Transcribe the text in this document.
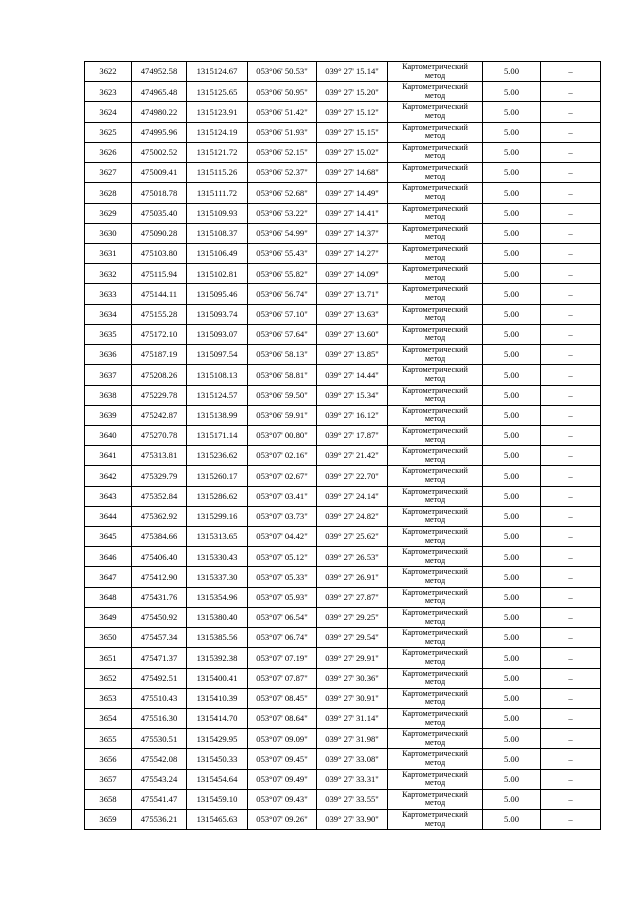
3622	474952.58	1315124.67	053°06' 50.53"	039° 27' 15.14"	Картометрический
метод	5.00	–
3623	474965.48	1315125.65	053°06' 50.95"	039° 27' 15.20"	Картометрический
метод	5.00	–
3624	474980.22	1315123.91	053°06' 51.42"	039° 27' 15.12"	Картометрический
метод	5.00	–
3625	474995.96	1315124.19	053°06' 51.93"	039° 27' 15.15"	Картометрический
метод	5.00	–
3626	475002.52	1315121.72	053°06' 52.15"	039° 27' 15.02"	Картометрический
метод	5.00	–
3627	475009.41	1315115.26	053°06' 52.37"	039° 27' 14.68"	Картометрический
метод	5.00	–
3628	475018.78	1315111.72	053°06' 52.68"	039° 27' 14.49"	Картометрический
метод	5.00	–
3629	475035.40	1315109.93	053°06' 53.22"	039° 27' 14.41"	Картометрический
метод	5.00	–
3630	475090.28	1315108.37	053°06' 54.99"	039° 27' 14.37"	Картометрический
метод	5.00	–
3631	475103.80	1315106.49	053°06' 55.43"	039° 27' 14.27"	Картометрический
метод	5.00	–
3632	475115.94	1315102.81	053°06' 55.82"	039° 27' 14.09"	Картометрический
метод	5.00	–
3633	475144.11	1315095.46	053°06' 56.74"	039° 27' 13.71"	Картометрический
метод	5.00	–
3634	475155.28	1315093.74	053°06' 57.10"	039° 27' 13.63"	Картометрический
метод	5.00	–
3635	475172.10	1315093.07	053°06' 57.64"	039° 27' 13.60"	Картометрический
метод	5.00	–
3636	475187.19	1315097.54	053°06' 58.13"	039° 27' 13.85"	Картометрический
метод	5.00	–
3637	475208.26	1315108.13	053°06' 58.81"	039° 27' 14.44"	Картометрический
метод	5.00	–
3638	475229.78	1315124.57	053°06' 59.50"	039° 27' 15.34"	Картометрический
метод	5.00	–
3639	475242.87	1315138.99	053°06' 59.91"	039° 27' 16.12"	Картометрический
метод	5.00	–
3640	475270.78	1315171.14	053°07' 00.80"	039° 27' 17.87"	Картометрический
метод	5.00	–
3641	475313.81	1315236.62	053°07' 02.16"	039° 27' 21.42"	Картометрический
метод	5.00	–
3642	475329.79	1315260.17	053°07' 02.67"	039° 27' 22.70"	Картометрический
метод	5.00	–
3643	475352.84	1315286.62	053°07' 03.41"	039° 27' 24.14"	Картометрический
метод	5.00	–
3644	475362.92	1315299.16	053°07' 03.73"	039° 27' 24.82"	Картометрический
метод	5.00	–
3645	475384.66	1315313.65	053°07' 04.42"	039° 27' 25.62"	Картометрический
метод	5.00	–
3646	475406.40	1315330.43	053°07' 05.12"	039° 27' 26.53"	Картометрический
метод	5.00	–
3647	475412.90	1315337.30	053°07' 05.33"	039° 27' 26.91"	Картометрический
метод	5.00	–
3648	475431.76	1315354.96	053°07' 05.93"	039° 27' 27.87"	Картометрический
метод	5.00	–
3649	475450.92	1315380.40	053°07' 06.54"	039° 27' 29.25"	Картометрический
метод	5.00	–
3650	475457.34	1315385.56	053°07' 06.74"	039° 27' 29.54"	Картометрический
метод	5.00	–
3651	475471.37	1315392.38	053°07' 07.19"	039° 27' 29.91"	Картометрический
метод	5.00	–
3652	475492.51	1315400.41	053°07' 07.87"	039° 27' 30.36"	Картометрический
метод	5.00	–
3653	475510.43	1315410.39	053°07' 08.45"	039° 27' 30.91"	Картометрический
метод	5.00	–
3654	475516.30	1315414.70	053°07' 08.64"	039° 27' 31.14"	Картометрический
метод	5.00	–
3655	475530.51	1315429.95	053°07' 09.09"	039° 27' 31.98"	Картометрический
метод	5.00	–
3656	475542.08	1315450.33	053°07' 09.45"	039° 27' 33.08"	Картометрический
метод	5.00	–
3657	475543.24	1315454.64	053°07' 09.49"	039° 27' 33.31"	Картометрический
метод	5.00	–
3658	475541.47	1315459.10	053°07' 09.43"	039° 27' 33.55"	Картометрический
метод	5.00	–
3659	475536.21	1315465.63	053°07' 09.26"	039° 27' 33.90"	Картометрический
метод	5.00	–
